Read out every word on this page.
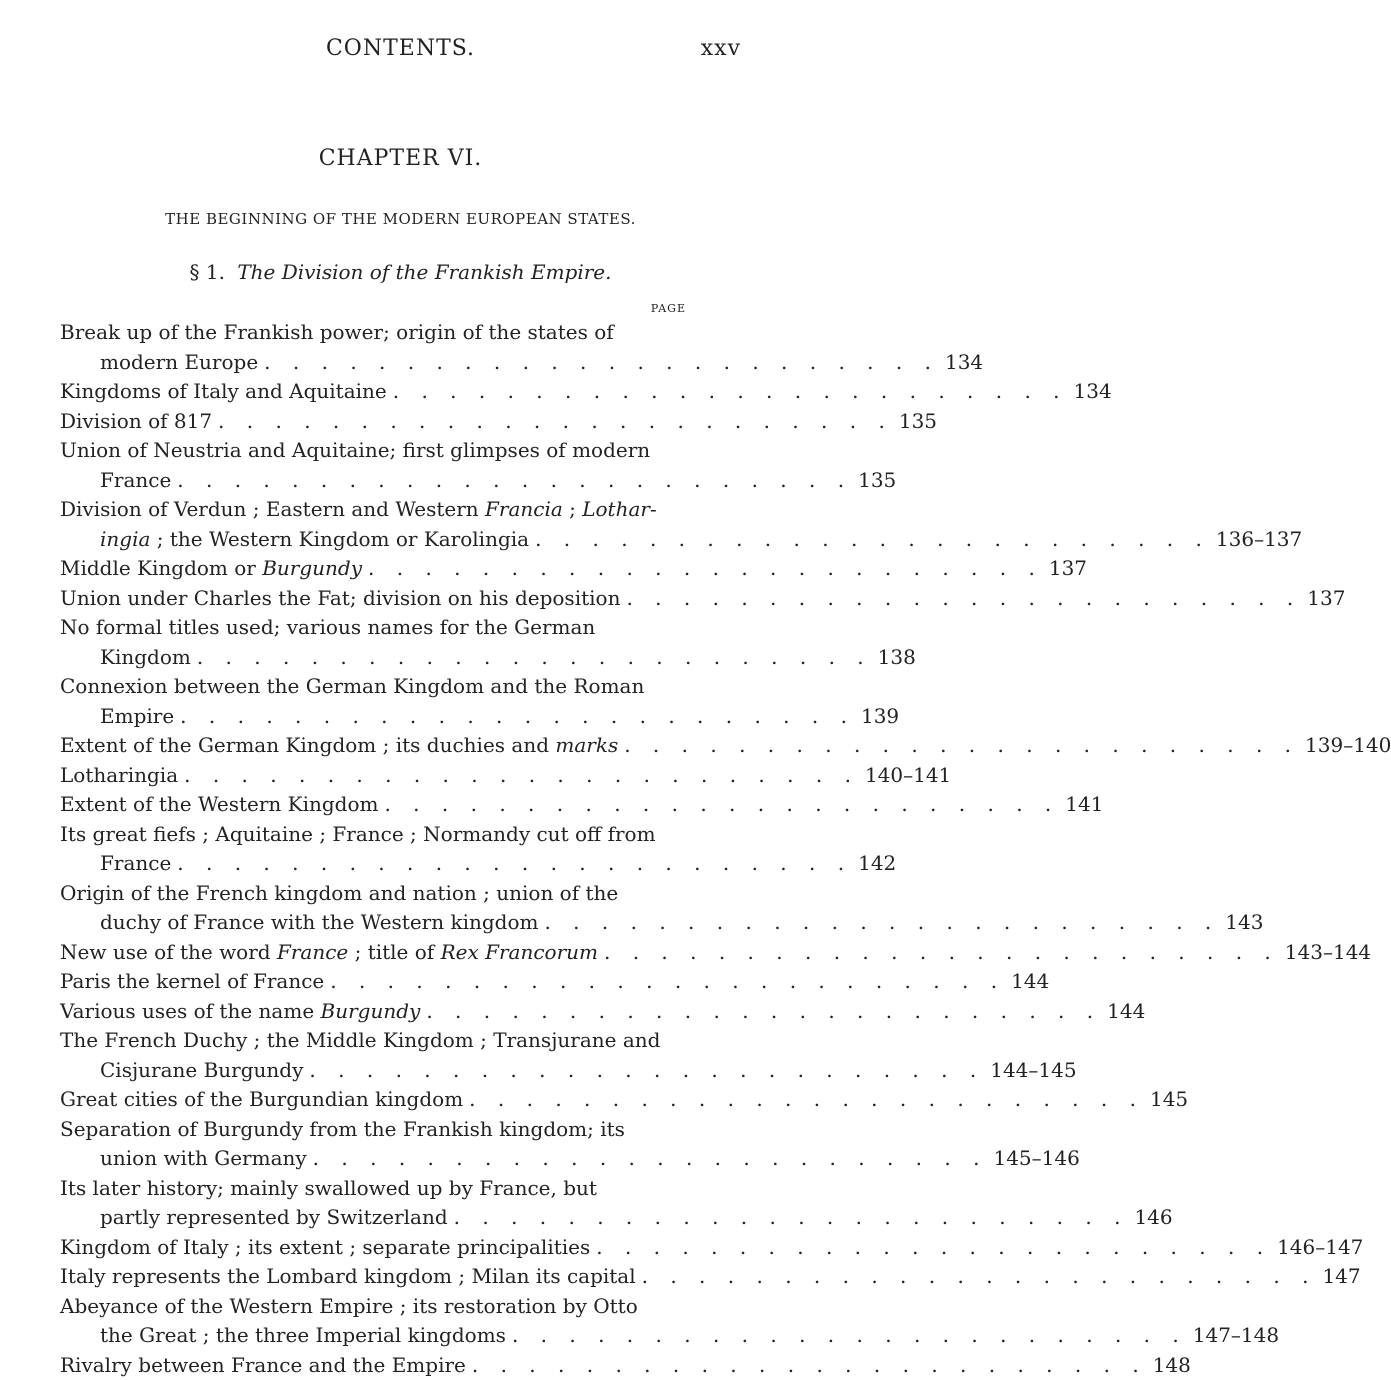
CONTENTS.	xxv
CHAPTER VI.
THE BEGINNING OF THE MODERN EUROPEAN STATES.
§ 1. The Division of the Frankish Empire.
PAGE
Break up of the Frankish power; origin of the states of
modern Europe . . . . . . . . . . . . . . . . . . . . . . . . 134
Kingdoms of Italy and Aquitaine . . . . . . . . . . . . . . . . . . . . . . . . 134
Division of 817 . . . . . . . . . . . . . . . . . . . . . . . . 135
Union of Neustria and Aquitaine; first glimpses of modern
France . . . . . . . . . . . . . . . . . . . . . . . . 135
Division of Verdun ; Eastern and Western Francia ; Lothar-
ingia ; the Western Kingdom or Karolingia . . . . . . . . . . . . . . . . . . . . . . . . 136–137
Middle Kingdom or Burgundy . . . . . . . . . . . . . . . . . . . . . . . . 137
Union under Charles the Fat; division on his deposition . . . . . . . . . . . . . . . . . . . . . . . . 137
No formal titles used; various names for the German
Kingdom . . . . . . . . . . . . . . . . . . . . . . . . 138
Connexion between the German Kingdom and the Roman
Empire . . . . . . . . . . . . . . . . . . . . . . . . 139
Extent of the German Kingdom ; its duchies and marks . . . . . . . . . . . . . . . . . . . . . . . . 139–140
Lotharingia . . . . . . . . . . . . . . . . . . . . . . . . 140–141
Extent of the Western Kingdom . . . . . . . . . . . . . . . . . . . . . . . . 141
Its great fiefs ; Aquitaine ; France ; Normandy cut off from
France . . . . . . . . . . . . . . . . . . . . . . . . 142
Origin of the French kingdom and nation ; union of the
duchy of France with the Western kingdom . . . . . . . . . . . . . . . . . . . . . . . . 143
New use of the word France ; title of Rex Francorum . . . . . . . . . . . . . . . . . . . . . . . . 143–144
Paris the kernel of France . . . . . . . . . . . . . . . . . . . . . . . . 144
Various uses of the name Burgundy . . . . . . . . . . . . . . . . . . . . . . . . 144
The French Duchy ; the Middle Kingdom ; Transjurane and
Cisjurane Burgundy . . . . . . . . . . . . . . . . . . . . . . . . 144–145
Great cities of the Burgundian kingdom . . . . . . . . . . . . . . . . . . . . . . . . 145
Separation of Burgundy from the Frankish kingdom; its
union with Germany . . . . . . . . . . . . . . . . . . . . . . . . 145–146
Its later history; mainly swallowed up by France, but
partly represented by Switzerland . . . . . . . . . . . . . . . . . . . . . . . . 146
Kingdom of Italy ; its extent ; separate principalities . . . . . . . . . . . . . . . . . . . . . . . . 146–147
Italy represents the Lombard kingdom ; Milan its capital . . . . . . . . . . . . . . . . . . . . . . . . 147
Abeyance of the Western Empire ; its restoration by Otto
the Great ; the three Imperial kingdoms . . . . . . . . . . . . . . . . . . . . . . . . 147–148
Rivalry between France and the Empire . . . . . . . . . . . . . . . . . . . . . . . . 148
